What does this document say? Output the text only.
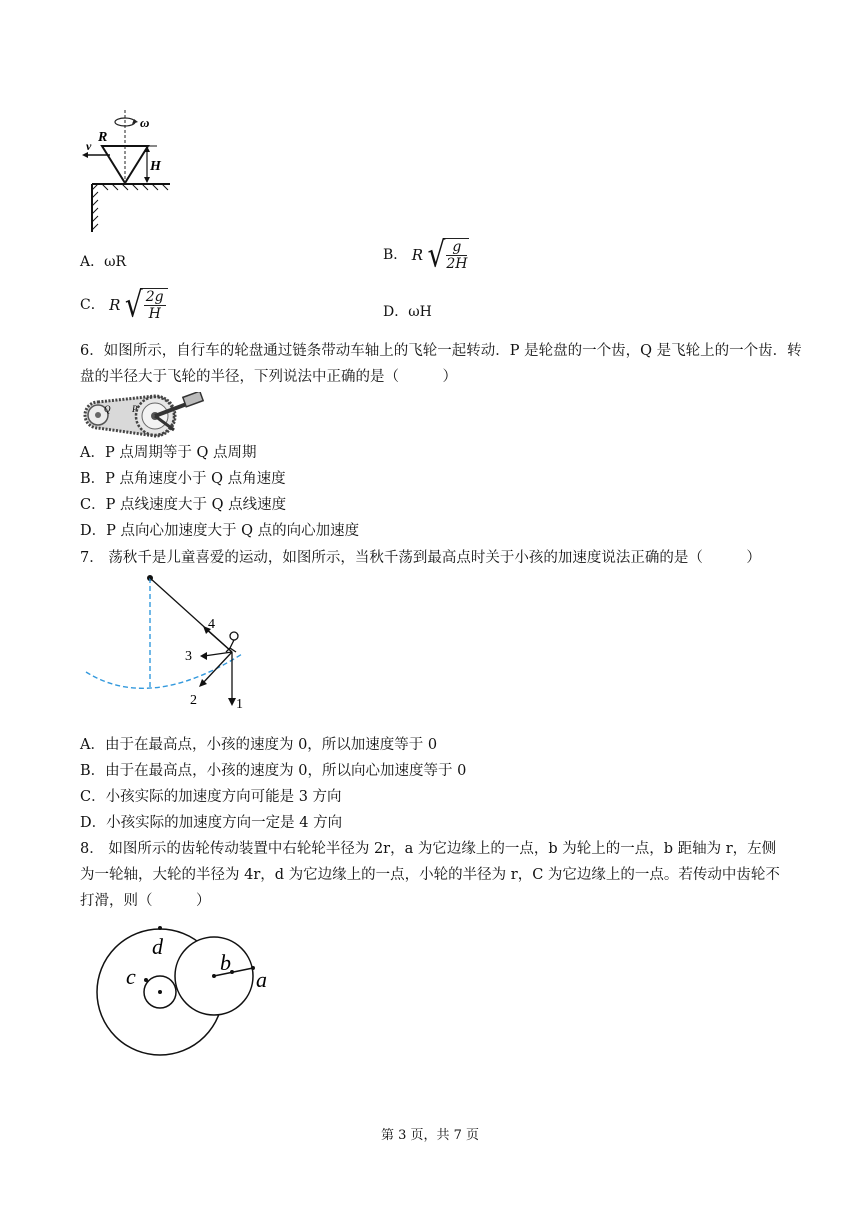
ω
R
v
H
A．ωR	B． R √ $\frac{g}{2H}$
C． R √ $\frac{2g}{H}$	D．ωH
6．如图所示，自行车的轮盘通过链条带动车轴上的飞轮一起转动．P 是轮盘的一个齿，Q 是飞轮上的一个齿．转
盘的半径大于飞轮的半径，下列说法中正确的是（　　　）
Q P
A．P 点周期等于 Q 点周期
B．P 点角速度小于 Q 点角速度
C．P 点线速度大于 Q 点线速度
D．P 点向心加速度大于 Q 点的向心加速度
7． 荡秋千是儿童喜爱的运动，如图所示，当秋千荡到最高点时关于小孩的加速度说法正确的是（　　　）
1
2
3
4
A．由于在最高点，小孩的速度为 0，所以加速度等于 0
B．由于在最高点，小孩的速度为 0，所以向心加速度等于 0
C．小孩实际的加速度方向可能是 3 方向
D．小孩实际的加速度方向一定是 4 方向
8． 如图所示的齿轮传动装置中右轮轮半径为 2r，a 为它边缘上的一点，b 为轮上的一点，b 距轴为 r，左侧
为一轮轴，大轮的半径为 4r，d 为它边缘上的一点，小轮的半径为 r，C 为它边缘上的一点。若传动中齿轮不
打滑，则（　　　）
d
c
b
a
第 3 页，共 7 页
